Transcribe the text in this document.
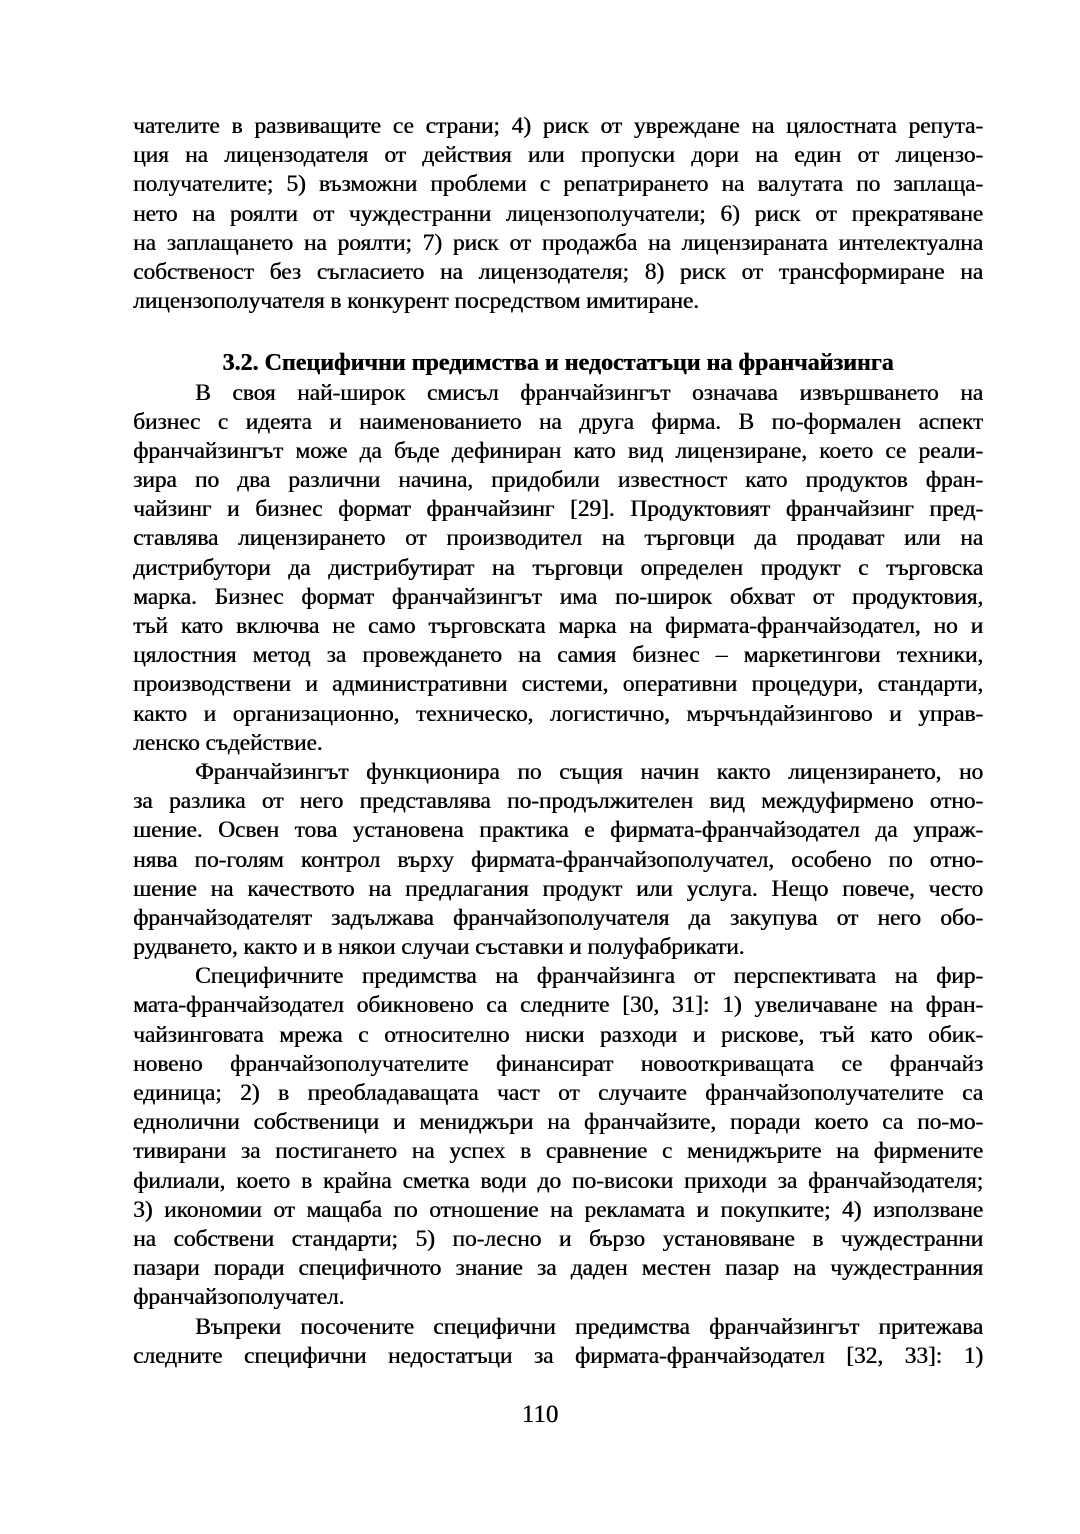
чателите в развиващите се страни; 4) риск от увреждане на цялостната репута-
ция на лицензодателя от действия или пропуски дори на един от лицензо-
получателите; 5) възможни проблеми с репатрирането на валутата по заплаща-
нето на роялти от чуждестранни лицензополучатели; 6) риск от прекратяване
на заплащането на роялти; 7) риск от продажба на лицензираната интелектуална
собственост без съгласието на лицензодателя; 8) риск от трансформиране на
лицензополучателя в конкурент посредством имитиране.
3.2. Специфични предимства и недостатъци на франчайзинга
В своя най-широк смисъл франчайзингът означава извършването на
бизнес с идеята и наименованието на друга фирма. В по-формален аспект
франчайзингът може да бъде дефиниран като вид лицензиране, което се реали-
зира по два различни начина, придобили известност като продуктов фран-
чайзинг и бизнес формат франчайзинг [29]. Продуктовият франчайзинг пред-
ставлява лицензирането от производител на търговци да продават или на
дистрибутори да дистрибутират на търговци определен продукт с търговска
марка. Бизнес формат франчайзингът има по-широк обхват от продуктовия,
тъй като включва не само търговската марка на фирмата-франчайзодател, но и
цялостния метод за провеждането на самия бизнес – маркетингови техники,
производствени и административни системи, оперативни процедури, стандарти,
както и организационно, техническо, логистично, мърчъндайзингово и управ-
ленско съдействие.
Франчайзингът функционира по същия начин както лицензирането, но
за разлика от него представлява по-продължителен вид междуфирмено отно-
шение. Освен това установена практика е фирмата-франчайзодател да упраж-
нява по-голям контрол върху фирмата-франчайзополучател, особено по отно-
шение на качеството на предлагания продукт или услуга. Нещо повече, често
франчайзодателят задължава франчайзополучателя да закупува от него обо-
рудването, както и в някои случаи съставки и полуфабрикати.
Специфичните предимства на франчайзинга от перспективата на фир-
мата-франчайзодател обикновено са следните [30, 31]: 1) увеличаване на фран-
чайзинговата мрежа с относително ниски разходи и рискове, тъй като обик-
новено франчайзополучателите финансират новооткриващата се франчайз
единица; 2) в преобладаващата част от случаите франчайзополучателите са
еднолични собственици и мениджъри на франчайзите, поради което са по-мо-
тивирани за постигането на успех в сравнение с мениджърите на фирмените
филиали, което в крайна сметка води до по-високи приходи за франчайзодателя;
3) икономии от мащаба по отношение на рекламата и покупките; 4) използване
на собствени стандарти; 5) по-лесно и бързо установяване в чуждестранни
пазари поради специфичното знание за даден местен пазар на чуждестранния
франчайзополучател.
Въпреки посочените специфични предимства франчайзингът притежава
следните специфични недостатъци за фирмата-франчайзодател [32, 33]: 1)
110
